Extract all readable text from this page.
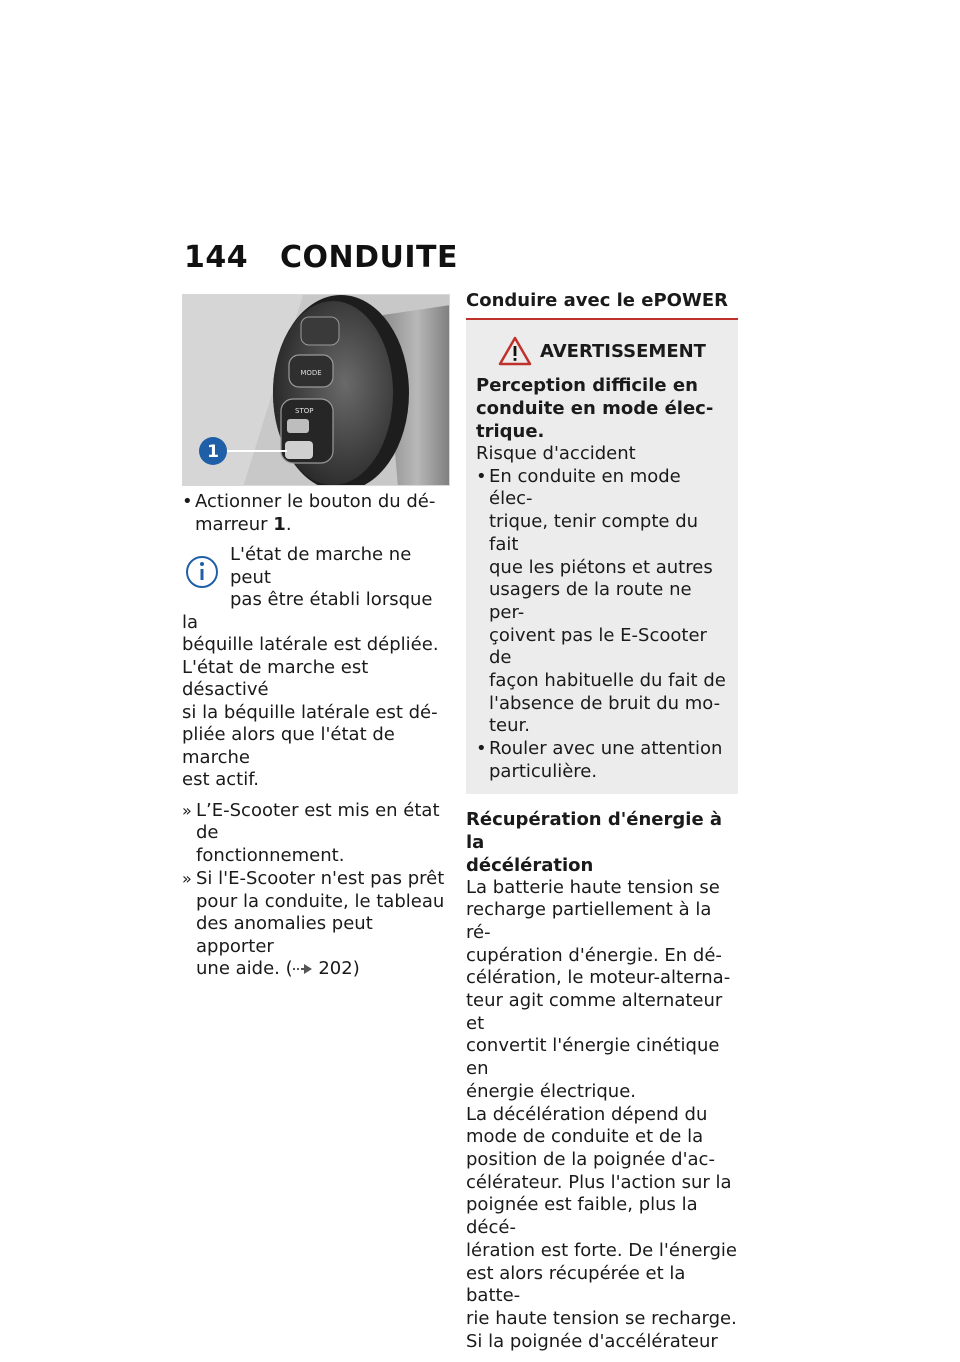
144 CONDUITE
MODE
STOP
1
• Actionner le bouton du dé-
marreur 1.
L'état de marche ne peut
pas être établi lorsque la
béquille latérale est dépliée.
L'état de marche est désactivé
si la béquille latérale est dé-
pliée alors que l'état de marche
est actif.
» L’E-Scooter est mis en état de
fonctionnement.
» Si l'E-Scooter n'est pas prêt
pour la conduite, le tableau
des anomalies peut apporter
une aide. ( 202)
Conduire avec le ePOWER
AVERTISSEMENT
Perception difficile en
conduite en mode élec-
trique.
Risque d'accident
• En conduite en mode élec-
trique, tenir compte du fait
que les piétons et autres
usagers de la route ne per-
çoivent pas le E-Scooter de
façon habituelle du fait de
l'absence de bruit du mo-
teur.
• Rouler avec une attention
particulière.
Récupération d'énergie à la
décélération
La batterie haute tension se
recharge partiellement à la ré-
cupération d'énergie. En dé-
célération, le moteur-alterna-
teur agit comme alternateur et
convertit l'énergie cinétique en
énergie électrique.
La décélération dépend du
mode de conduite et de la
position de la poignée d'ac-
célérateur. Plus l'action sur la
poignée est faible, plus la décé-
lération est forte. De l'énergie
est alors récupérée et la batte-
rie haute tension se recharge.
Si la poignée d'accélérateur
